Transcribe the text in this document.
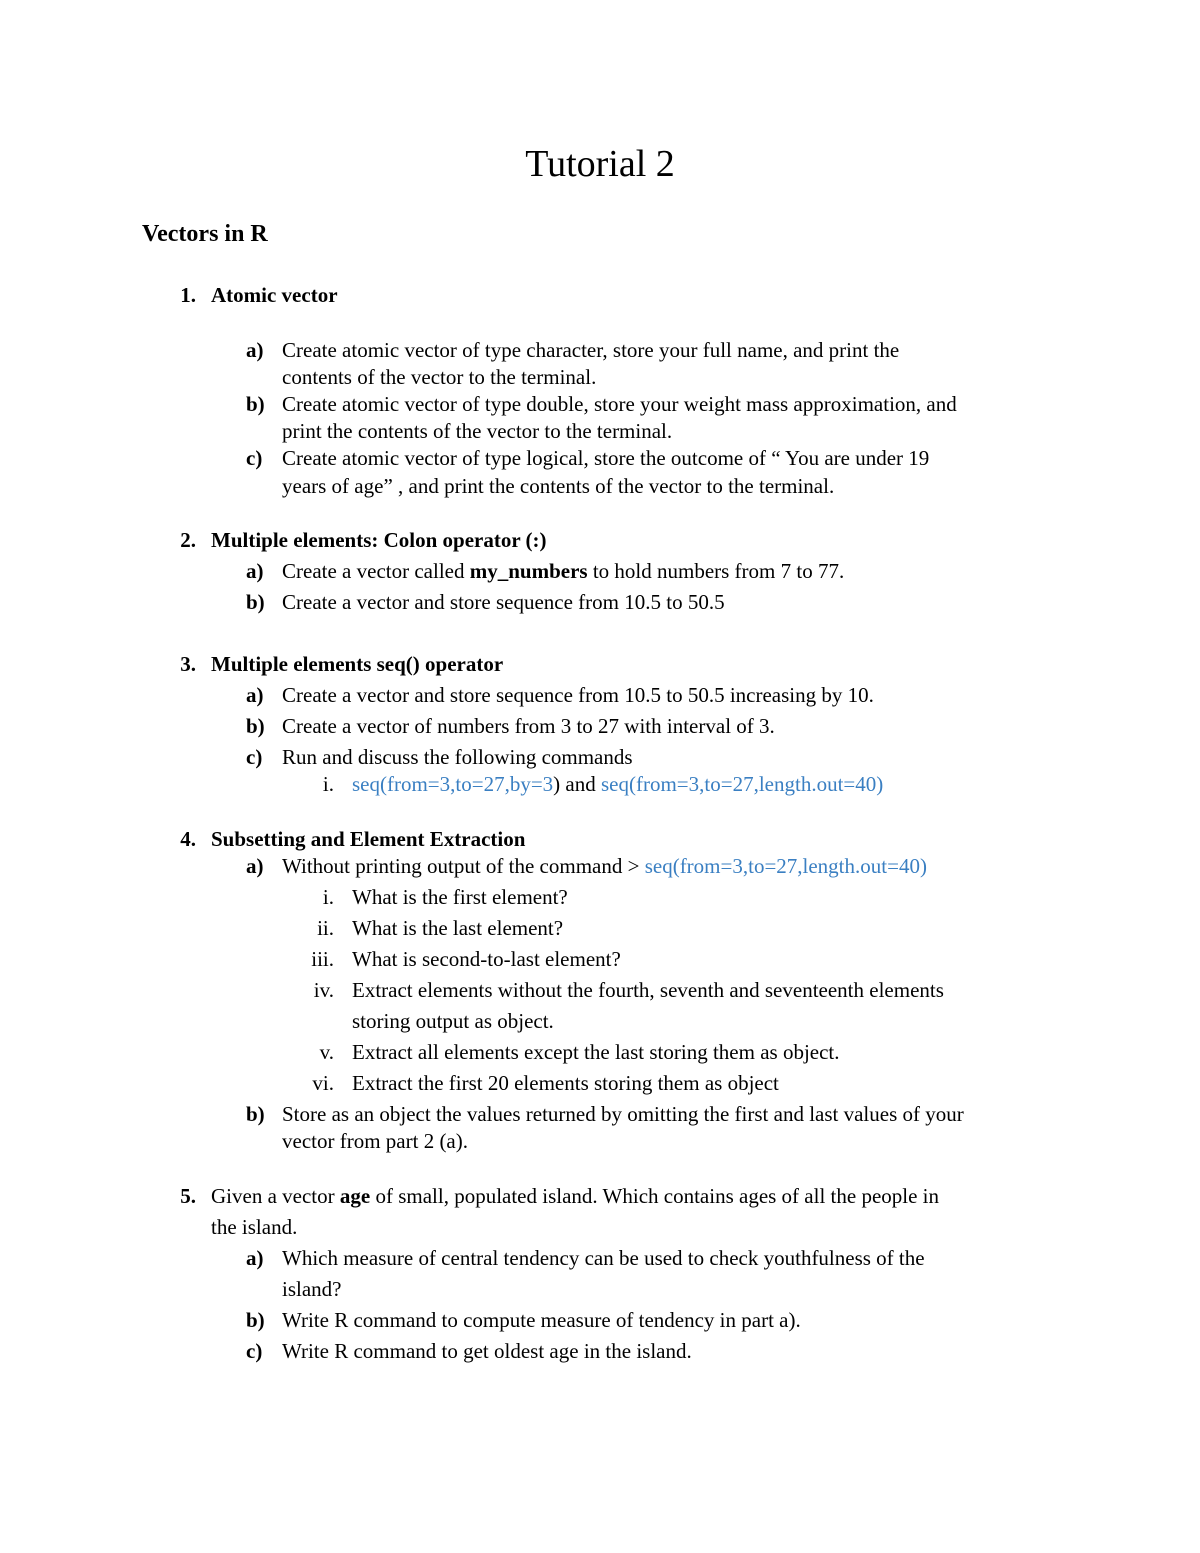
Tutorial 2
Vectors in R
1. Atomic vector
a) Create atomic vector of type character, store your full name, and print the
contents of the vector to the terminal.
b) Create atomic vector of type double, store your weight mass approximation, and
print the contents of the vector to the terminal.
c) Create atomic vector of type logical, store the outcome of “ You are under 19
years of age” , and print the contents of the vector to the terminal.
2. Multiple elements: Colon operator (:)
a) Create a vector called my_numbers to hold numbers from 7 to 77.
b) Create a vector and store sequence from 10.5 to 50.5
3. Multiple elements seq() operator
a) Create a vector and store sequence from 10.5 to 50.5 increasing by 10.
b) Create a vector of numbers from 3 to 27 with interval of 3.
c) Run and discuss the following commands
i. seq(from=3,to=27,by=3) and seq(from=3,to=27,length.out=40)
4. Subsetting and Element Extraction
a) Without printing output of the command > seq(from=3,to=27,length.out=40)
i. What is the first element?
ii. What is the last element?
iii. What is second-to-last element?
iv. Extract elements without the fourth, seventh and seventeenth elements
storing output as object.
v. Extract all elements except the last storing them as object.
vi. Extract the first 20 elements storing them as object
b) Store as an object the values returned by omitting the first and last values of your
vector from part 2 (a).
5. Given a vector age of small, populated island. Which contains ages of all the people in
the island.
a) Which measure of central tendency can be used to check youthfulness of the
island?
b) Write R command to compute measure of tendency in part a).
c) Write R command to get oldest age in the island.
